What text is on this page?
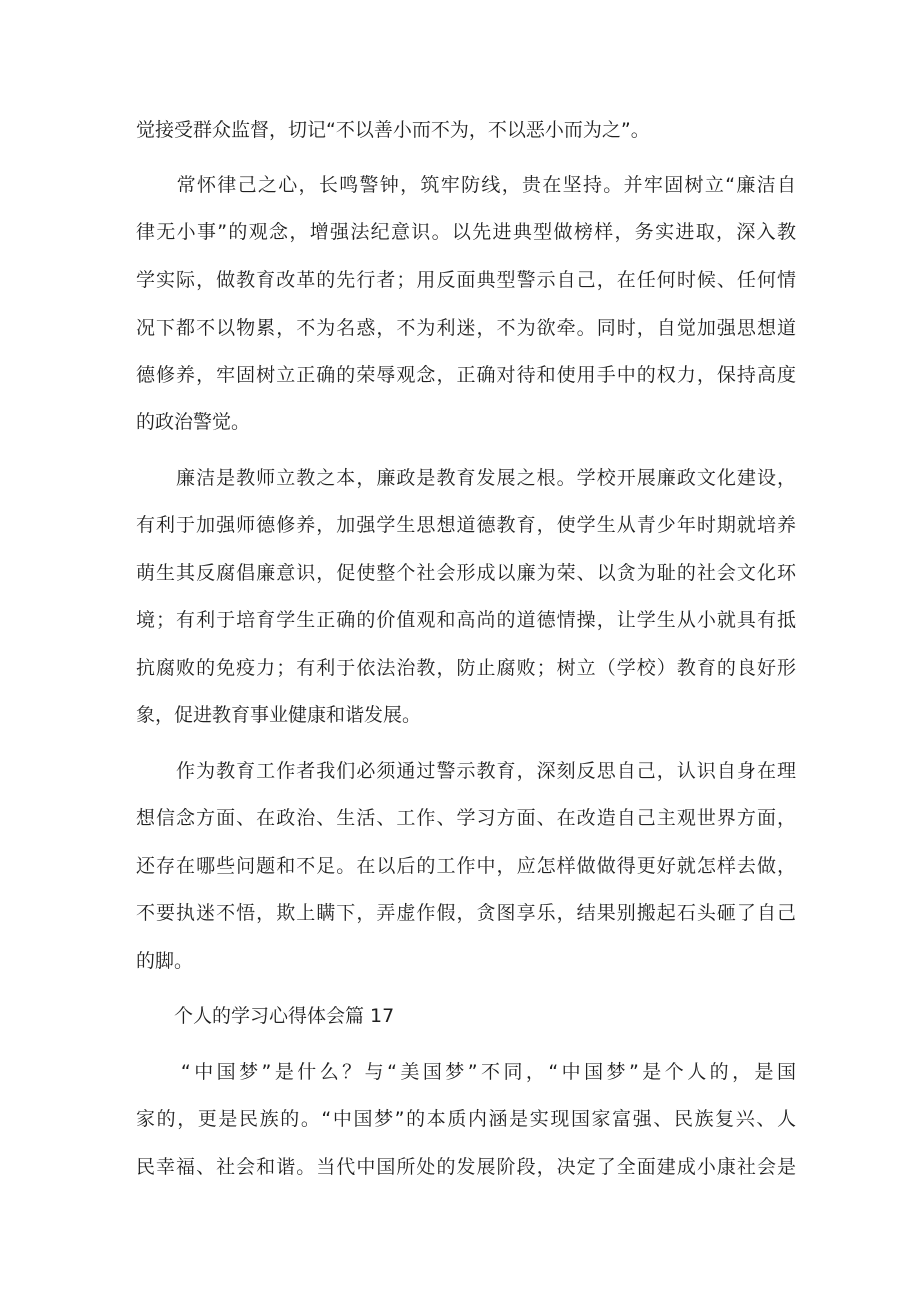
觉接受群众监督，切记“不以善小而不为，不以恶小而为之”。
　　常怀律己之心，长鸣警钟，筑牢防线，贵在坚持。并牢固树立“廉洁自
律无小事”的观念，增强法纪意识。以先进典型做榜样，务实进取，深入教
学实际，做教育改革的先行者；用反面典型警示自己，在任何时候、任何情
况下都不以物累，不为名惑，不为利迷，不为欲牵。同时，自觉加强思想道
德修养，牢固树立正确的荣辱观念，正确对待和使用手中的权力，保持高度
的政治警觉。
　　廉洁是教师立教之本，廉政是教育发展之根。学校开展廉政文化建设，
有利于加强师德修养，加强学生思想道德教育，使学生从青少年时期就培养
萌生其反腐倡廉意识，促使整个社会形成以廉为荣、以贪为耻的社会文化环
境；有利于培育学生正确的价值观和高尚的道德情操，让学生从小就具有抵
抗腐败的免疫力；有利于依法治教，防止腐败；树立（学校）教育的良好形
象，促进教育事业健康和谐发展。
　　作为教育工作者我们必须通过警示教育，深刻反思自己，认识自身在理
想信念方面、在政治、生活、工作、学习方面、在改造自己主观世界方面，
还存在哪些问题和不足。在以后的工作中，应怎样做做得更好就怎样去做，
不要执迷不悟，欺上瞒下，弄虚作假，贪图享乐，结果别搬起石头砸了自己
的脚。
个人的学习心得体会篇 17
　　“中国梦”是什么？与“美国梦”不同，“中国梦”是个人的，是国
家的，更是民族的。“中国梦”的本质内涵是实现国家富强、民族复兴、人
民幸福、社会和谐。当代中国所处的发展阶段，决定了全面建成小康社会是
